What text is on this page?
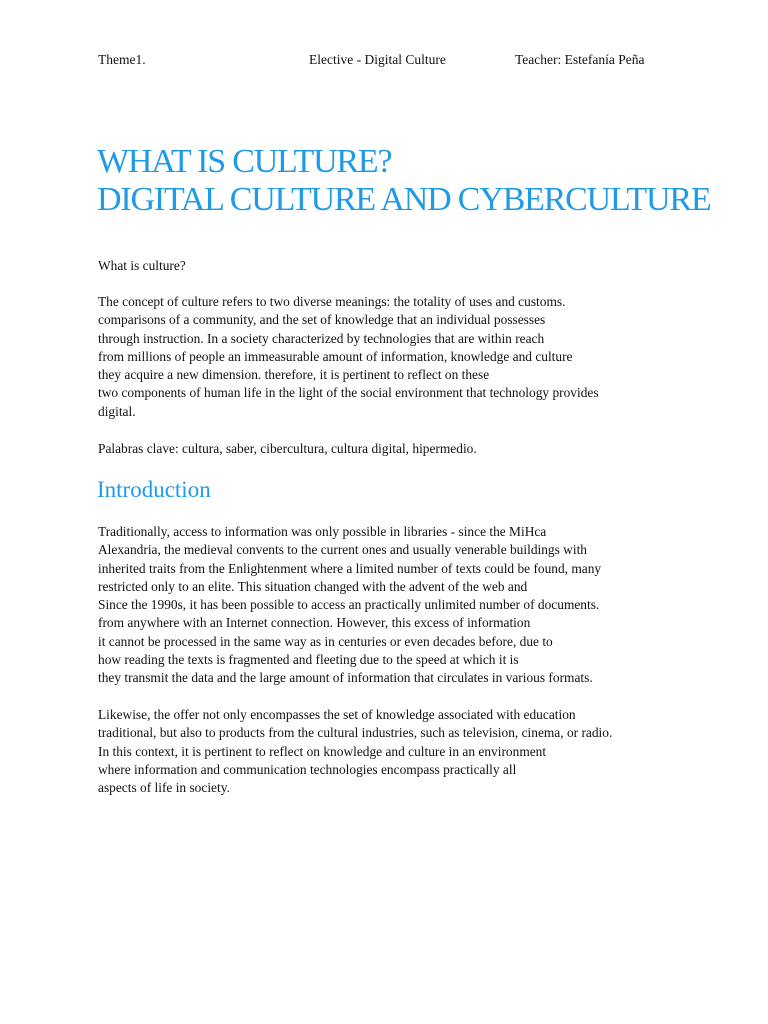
Theme1.	Elective - Digital Culture	Teacher: Estefanía Peña
WHAT IS CULTURE?
DIGITAL CULTURE AND CYBERCULTURE
What is culture?
The concept of culture refers to two diverse meanings: the totality of uses and customs.
comparisons of a community, and the set of knowledge that an individual possesses
through instruction. In a society characterized by technologies that are within reach
from millions of people an immeasurable amount of information, knowledge and culture
they acquire a new dimension. therefore, it is pertinent to reflect on these
two components of human life in the light of the social environment that technology provides
digital.
Palabras clave: cultura, saber, cibercultura, cultura digital, hipermedio.
Introduction
Traditionally, access to information was only possible in libraries - since the MiHca
Alexandria, the medieval convents to the current ones and usually venerable buildings with
inherited traits from the Enlightenment where a limited number of texts could be found, many
restricted only to an elite. This situation changed with the advent of the web and
Since the 1990s, it has been possible to access an practically unlimited number of documents.
from anywhere with an Internet connection. However, this excess of information
it cannot be processed in the same way as in centuries or even decades before, due to
how reading the texts is fragmented and fleeting due to the speed at which it is
they transmit the data and the large amount of information that circulates in various formats.
Likewise, the offer not only encompasses the set of knowledge associated with education
traditional, but also to products from the cultural industries, such as television, cinema, or radio.
In this context, it is pertinent to reflect on knowledge and culture in an environment
where information and communication technologies encompass practically all
aspects of life in society.
